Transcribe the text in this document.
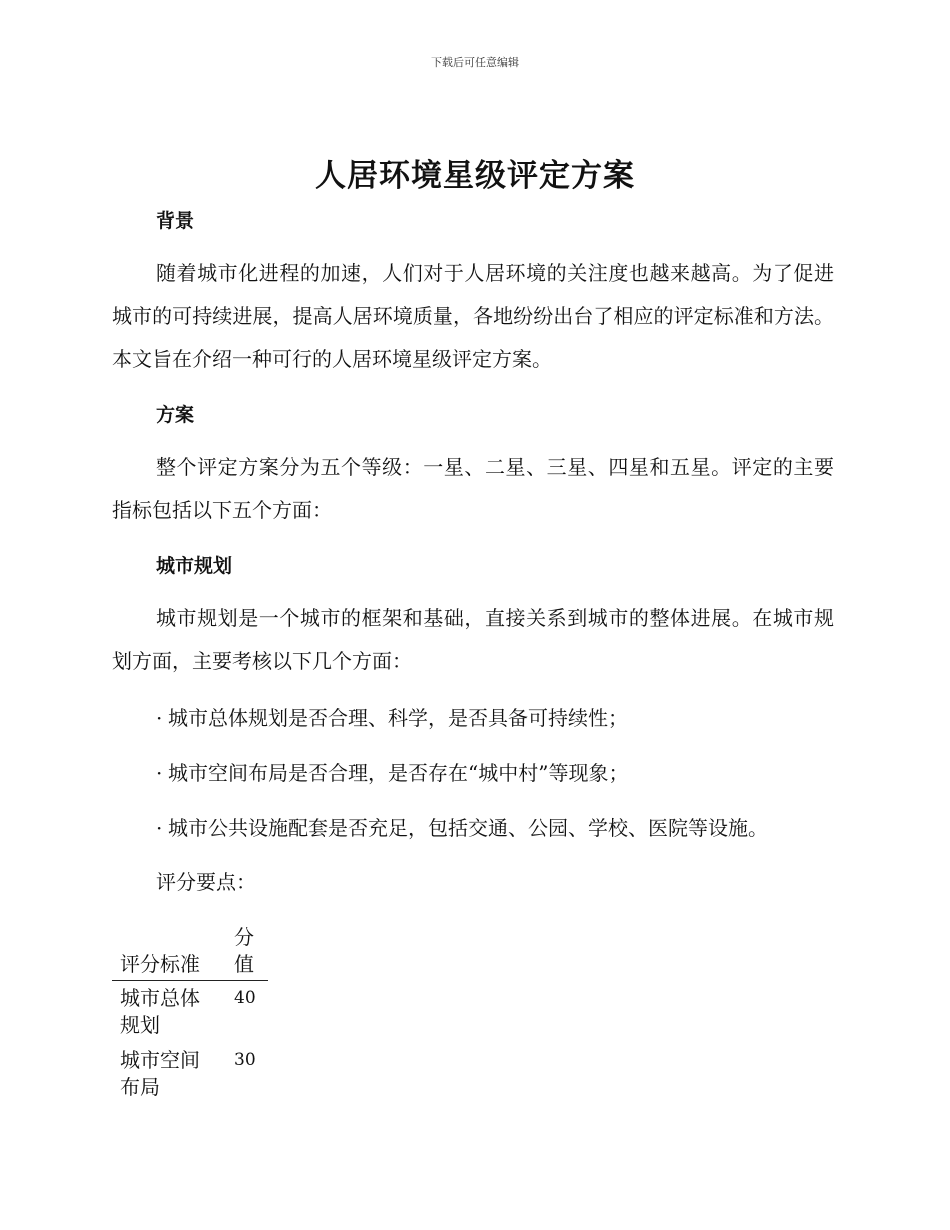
下载后可任意编辑
人居环境星级评定方案
背景

随着城市化进程的加速，人们对于人居环境的关注度也越来越高。为了促进城市的可持续进展，提高人居环境质量，各地纷纷出台了相应的评定标准和方法。本文旨在介绍一种可行的人居环境星级评定方案。

方案

整个评定方案分为五个等级：一星、二星、三星、四星和五星。评定的主要指标包括以下五个方面：

城市规划

城市规划是一个城市的框架和基础，直接关系到城市的整体进展。在城市规划方面，主要考核以下几个方面：

· 城市总体规划是否合理、科学，是否具备可持续性；

· 城市空间布局是否合理，是否存在“城中村”等现象；

· 城市公共设施配套是否充足，包括交通、公园、学校、医院等设施。

评分要点：

评分标准	分值
城市总体规划	40
城市空间布局	30
